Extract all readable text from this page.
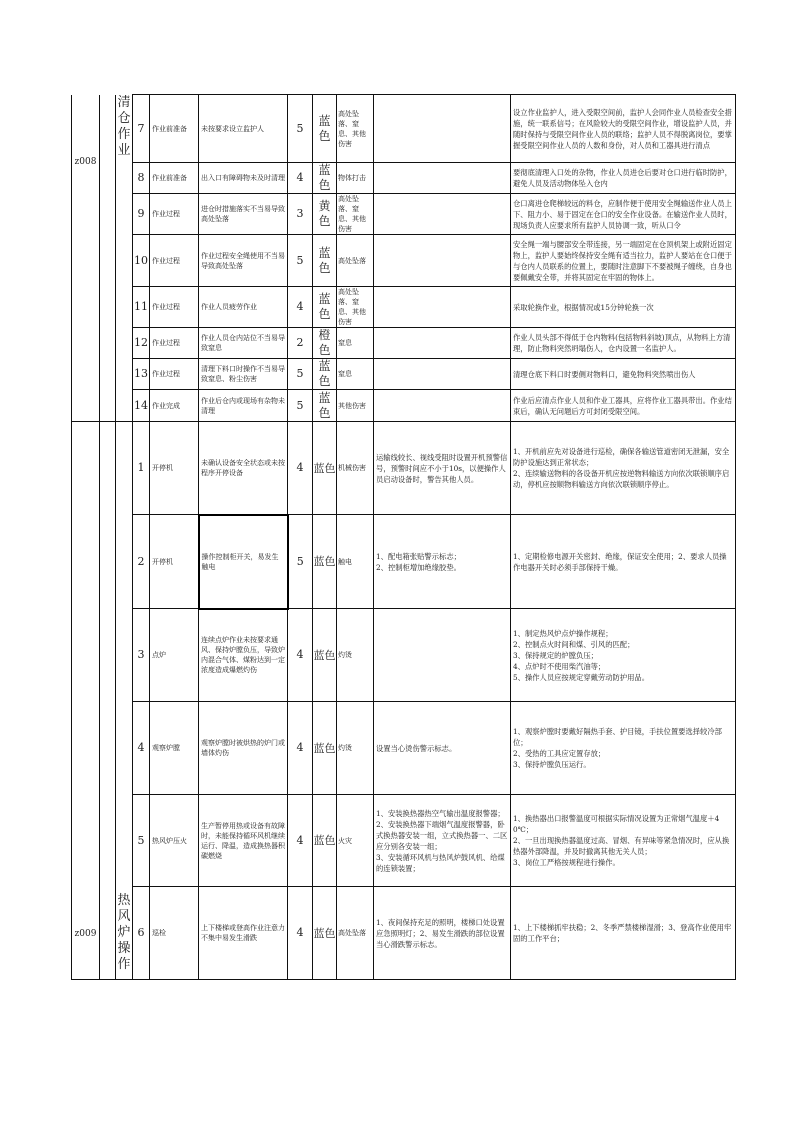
z008		清仓作业	7	作业前准备	未按要求设立监护人	5	蓝色	高处坠落、窒息、其他伤害		设立作业监护人，进入受限空间前，监护人会同作业人员检查安全措施，统一联系信号；在风险较大的受限空间作业，增设监护人员，并随时保持与受限空间作业人员的联络；监护人员不得脱离岗位，要掌握受限空间作业人员的人数和身份，对人员和工器具进行清点
			8	作业前准备	出入口有障碍物未及时清理	4	蓝色	物体打击		要彻底清理入口处的杂物，作业人员进仓后要对仓口进行临时防护，避免人员及活动物体坠入仓内
			9	作业过程	进仓时措施落实不当易导致高处坠落	3	黄色	高处坠落、窒息、其他伤害		仓口离进仓爬梯较远的料仓，应制作便于使用安全绳输送作业人员上下、阻力小、易于固定在仓口的安全作业设备。在输送作业人员时，现场负责人应要求所有监护人员协调一致，听从口令
			10	作业过程	作业过程安全绳使用不当易导致高处坠落	5	蓝色	高处坠落		安全绳一端与腰部安全带连接，另一端固定在仓顶机架上或附近固定物上，监护人要始终保持安全绳有适当拉力，监护人要站在仓口便于与仓内人员联系的位置上，要随时注意脚下不要被绳子缠绕，自身也要佩戴安全带，并将其固定在牢固的物体上。
			11	作业过程	作业人员疲劳作业	4	蓝色	高处坠落、窒息、其他伤害		采取轮换作业，根据情况或15分钟轮换一次
			12	作业过程	作业人员仓内站位不当易导致窒息	2	橙色	窒息		作业人员头部不得低于仓内物料(包括物料斜坡)顶点，从物料上方清理，防止物料突然坍塌伤人，仓内设置一名监护人。
			13	作业过程	清理下料口时操作不当易导致窒息、粉尘伤害	5	蓝色	窒息		清理仓底下料口时要侧对物料口，避免物料突然喷出伤人
			14	作业完成	作业后仓内或现场有杂物未清理	5	蓝色	其他伤害		作业后应清点作业人员和作业工器具，应将作业工器具带出。作业结束后，确认无问题后方可封闭受限空间。
z009		热风炉操作	1	开停机	未确认设备安全状态或未按程序开停设备	4	蓝色	机械伤害	运输线较长、视线受阻时设置开机预警信号，预警时间应不小于10s，以便操作人员启动设备时，警告其他人员。	1、开机前应先对设备进行巡检，确保各输送管道密闭无泄漏，安全防护设施达到正常状态；
2、连续输送物料的各设备开机应按逆物料输送方向依次联锁顺序启动，停机应按顺物料输送方向依次联锁顺序停止。
			2	开停机	操作控制柜开关，易发生触电	5	蓝色	触电	1、配电箱张贴警示标志；
2、控制柜增加绝缘胶垫。	1、定期检修电源开关密封、绝缘，保证安全使用；2、要求人员操作电器开关时必须手部保持干燥。
			3	点炉	连续点炉作业未按要求通风、保持炉膛负压，导致炉内混合气体、煤粉达到一定浓度造成爆燃灼伤	4	蓝色	灼烫		1、制定热风炉点炉操作规程；
2、控制点火时间和煤、引风的匹配；
3、保持规定的炉膛负压；
4、点炉时不使用柴汽油等；
5、操作人员应按规定穿戴劳动防护用品。
			4	观察炉膛	观察炉膛时被烘热的炉门或墙体灼伤	4	蓝色	灼烫	设置当心烫伤警示标志。	1、观察炉膛时要戴好隔热手套、护目镜，手扶位置要选择较冷部位；
2、受热的工具应定置存放；
3、保持炉膛负压运行。
			5	热风炉压火	生产暂停用热或设备有故障时，未能保持循环风机继续运行、降温，造成换热器积碳燃烧	4	蓝色	火灾	1、安装换热器热空气输出温度报警器；
2、安装换热器下端烟气温度报警器，卧式换热器安装一组，立式换热器一、二区应分别各安装一组；
3、安装循环风机与热风炉鼓风机、给煤的连锁装置；	1、换热器出口报警温度可根据实际情况设置为正常烟气温度＋40℃；
2、一旦出现换热器温度过高、冒烟、有异味等紧急情况时，应从换热器外部降温，并及时撤离其他无关人员；
3、岗位工严格按规程进行操作。
			6	巡检	上下楼梯或登高作业注意力不集中易发生滑跌	4	蓝色	高处坠落	1、夜间保持充足的照明，楼梯口处设置应急照明灯；2、易发生滑跌的部位设置当心滑跌警示标志。	1、上下楼梯抓牢扶稳；2、冬季严禁楼梯湿滑；3、登高作业使用牢固的工作平台；
